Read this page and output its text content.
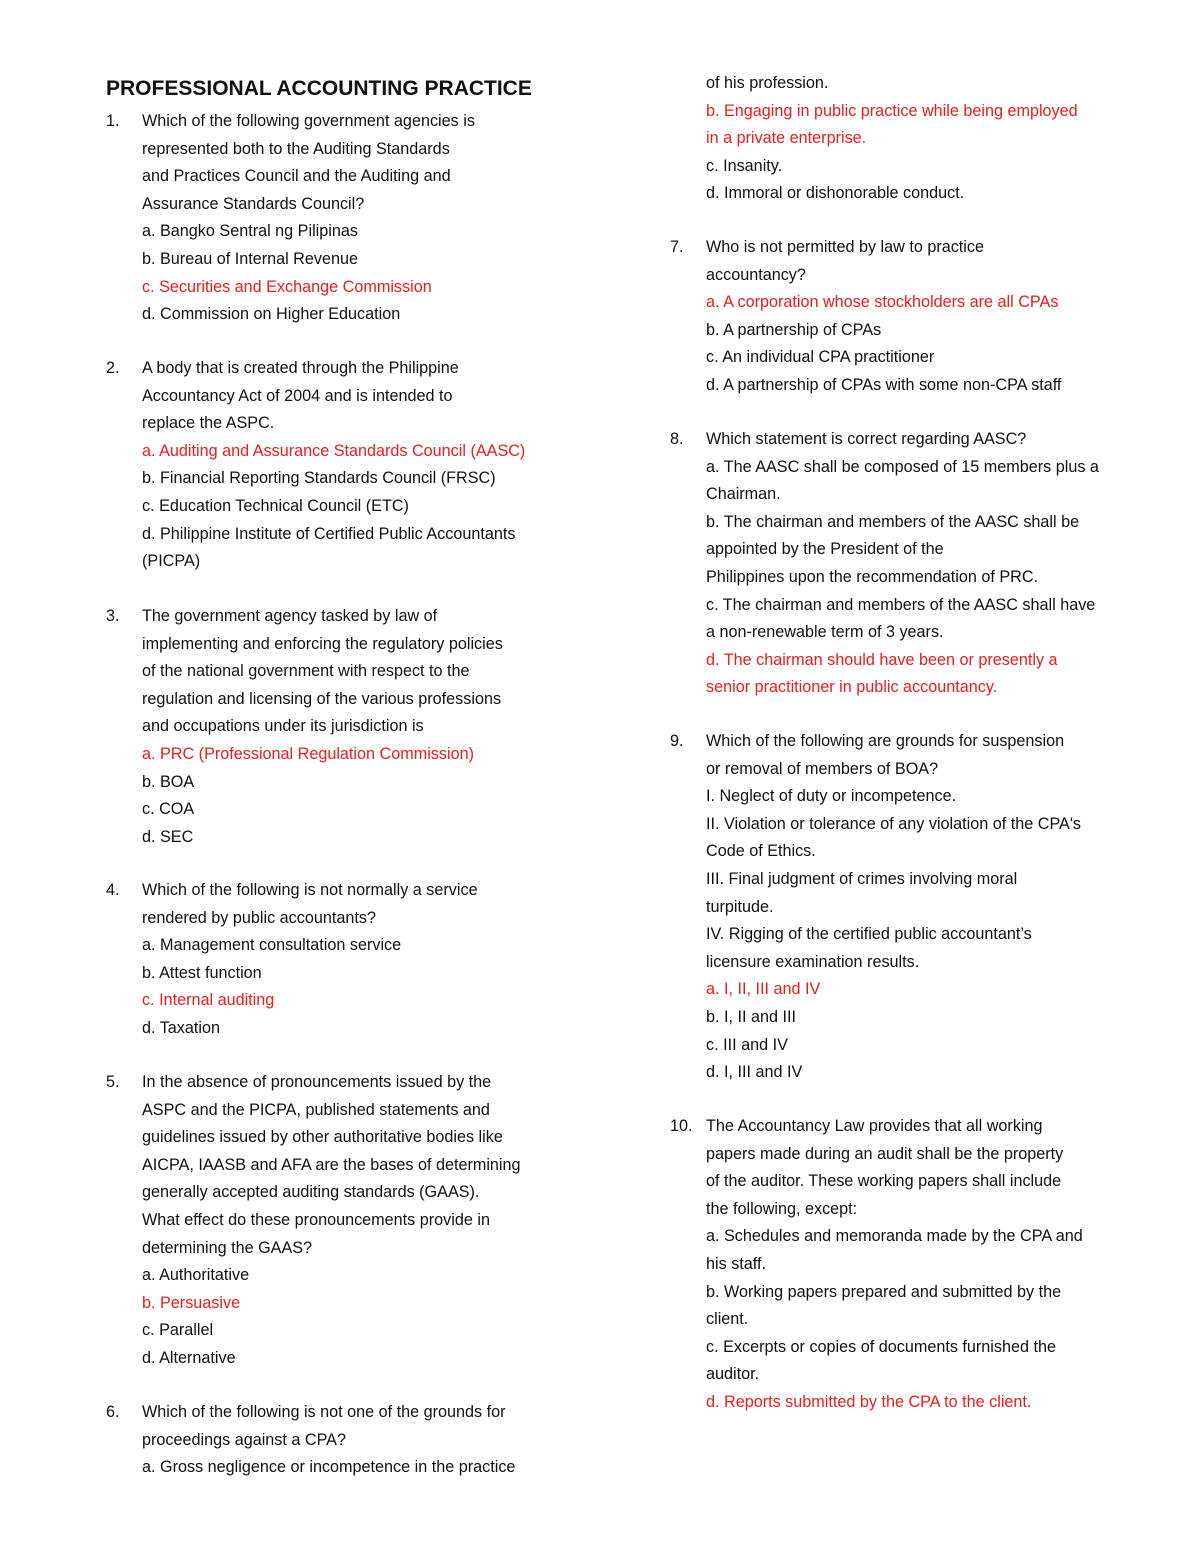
PROFESSIONAL ACCOUNTING PRACTICE
1.	Which of the following government agencies is
represented both to the Auditing Standards
and Practices Council and the Auditing and
Assurance Standards Council?
a. Bangko Sentral ng Pilipinas
b. Bureau of Internal Revenue
c. Securities and Exchange Commission
d. Commission on Higher Education
2.	A body that is created through the Philippine
Accountancy Act of 2004 and is intended to
replace the ASPC.
a. Auditing and Assurance Standards Council (AASC)
b. Financial Reporting Standards Council (FRSC)
c. Education Technical Council (ETC)
d. Philippine Institute of Certified Public Accountants
(PICPA)
3.	The government agency tasked by law of
implementing and enforcing the regulatory policies
of the national government with respect to the
regulation and licensing of the various professions
and occupations under its jurisdiction is
a. PRC (Professional Regulation Commission)
b. BOA
c. COA
d. SEC
4.	Which of the following is not normally a service
rendered by public accountants?
a. Management consultation service
b. Attest function
c. Internal auditing
d. Taxation
5.	In the absence of pronouncements issued by the
ASPC and the PICPA, published statements and
guidelines issued by other authoritative bodies like
AICPA, IAASB and AFA are the bases of determining
generally accepted auditing standards (GAAS).
What effect do these pronouncements provide in
determining the GAAS?
a. Authoritative
b. Persuasive
c. Parallel
d. Alternative
6.	Which of the following is not one of the grounds for
proceedings against a CPA?
a. Gross negligence or incompetence in the practice
of his profession.
b. Engaging in public practice while being employed
in a private enterprise.
c. Insanity.
d. Immoral or dishonorable conduct.
7.	Who is not permitted by law to practice
accountancy?
a. A corporation whose stockholders are all CPAs
b. A partnership of CPAs
c. An individual CPA practitioner
d. A partnership of CPAs with some non-CPA staff
8.	Which statement is correct regarding AASC?
a. The AASC shall be composed of 15 members plus a
Chairman.
b. The chairman and members of the AASC shall be
appointed by the President of the
Philippines upon the recommendation of PRC.
c. The chairman and members of the AASC shall have
a non-renewable term of 3 years.
d. The chairman should have been or presently a
senior practitioner in public accountancy.
9.	Which of the following are grounds for suspension
or removal of members of BOA?
I. Neglect of duty or incompetence.
II. Violation or tolerance of any violation of the CPA's
Code of Ethics.
III. Final judgment of crimes involving moral
turpitude.
IV. Rigging of the certified public accountant’s
licensure examination results.
a. I, II, III and IV
b. I, II and III
c. III and IV
d. I, III and IV
10. The Accountancy Law provides that all working
papers made during an audit shall be the property
of the auditor. These working papers shall include
the following, except:
a. Schedules and memoranda made by the CPA and
his staff.
b. Working papers prepared and submitted by the
client.
c. Excerpts or copies of documents furnished the
auditor.
d. Reports submitted by the CPA to the client.
